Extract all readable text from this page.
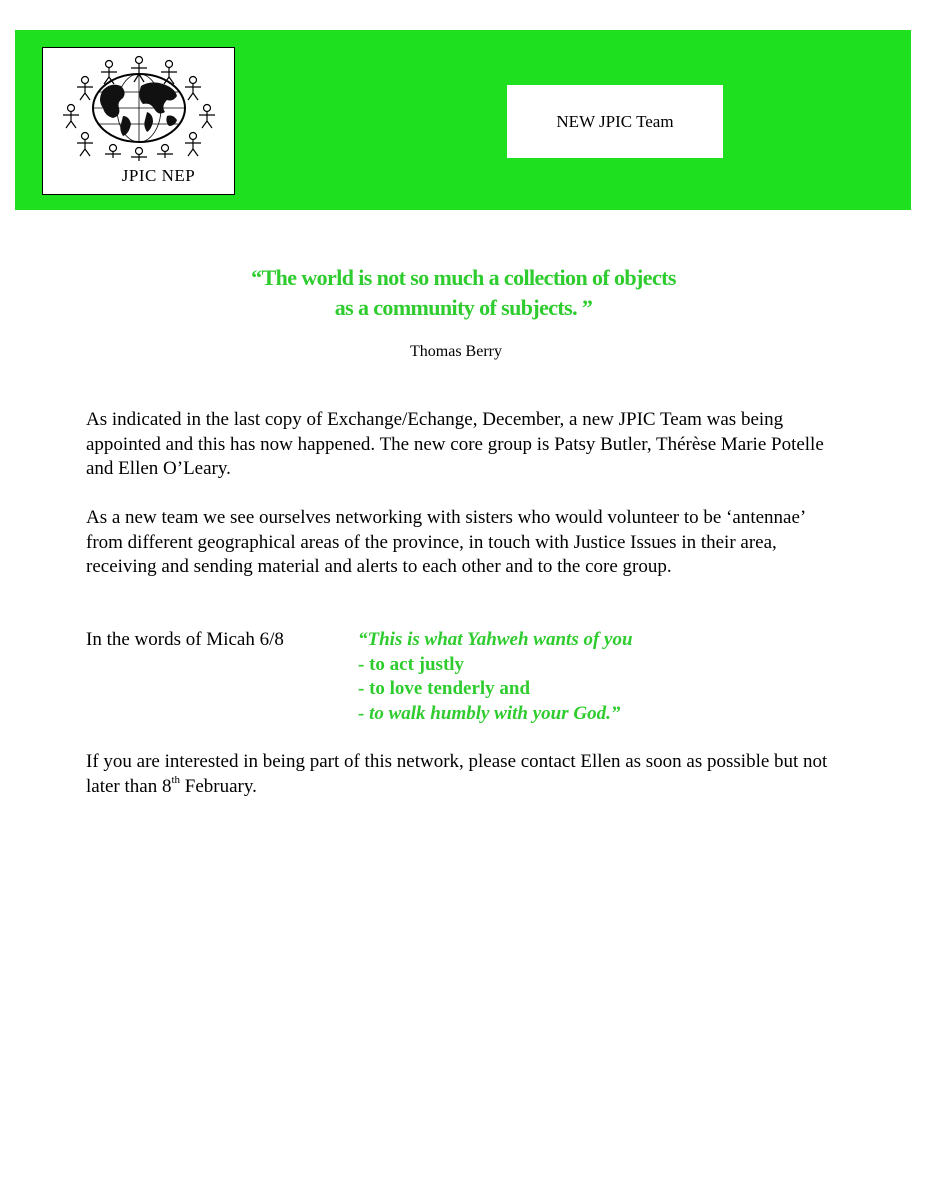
JPIC NEP
NEW JPIC Team
“The world is not so much a collection of objects
as a community of subjects. ”
Thomas Berry
As indicated in the last copy of Exchange/Echange, December, a new JPIC Team was being appointed and this has now happened. The new core group is Patsy Butler, Thérèse Marie Potelle and Ellen O’Leary.
As a new team we see ourselves networking with sisters who would volunteer to be ‘antennae’ from different geographical areas of the province, in touch with Justice Issues in their area, receiving and sending material and alerts to each other and to the core group.
In the words of Micah 6/8	“This is what Yahweh wants of you
- to act justly
- to love tenderly and
- to walk humbly with your God.”
If you are interested in being part of this network, please contact Ellen as soon as possible but not later than 8th February.
